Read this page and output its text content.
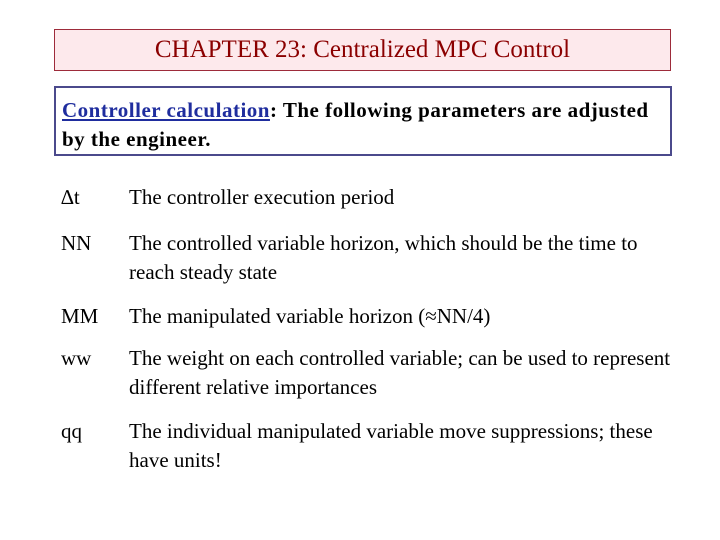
CHAPTER 23: Centralized MPC Control

Controller calculation: The following parameters are adjusted by the engineer.

∆t	The controller execution period
NN	The controlled variable horizon, which should be the time to reach steady state
MM	The manipulated variable horizon (≈NN/4)
ww	The weight on each controlled variable; can be used to represent different relative importances
qq	The individual manipulated variable move suppressions; these have units!
